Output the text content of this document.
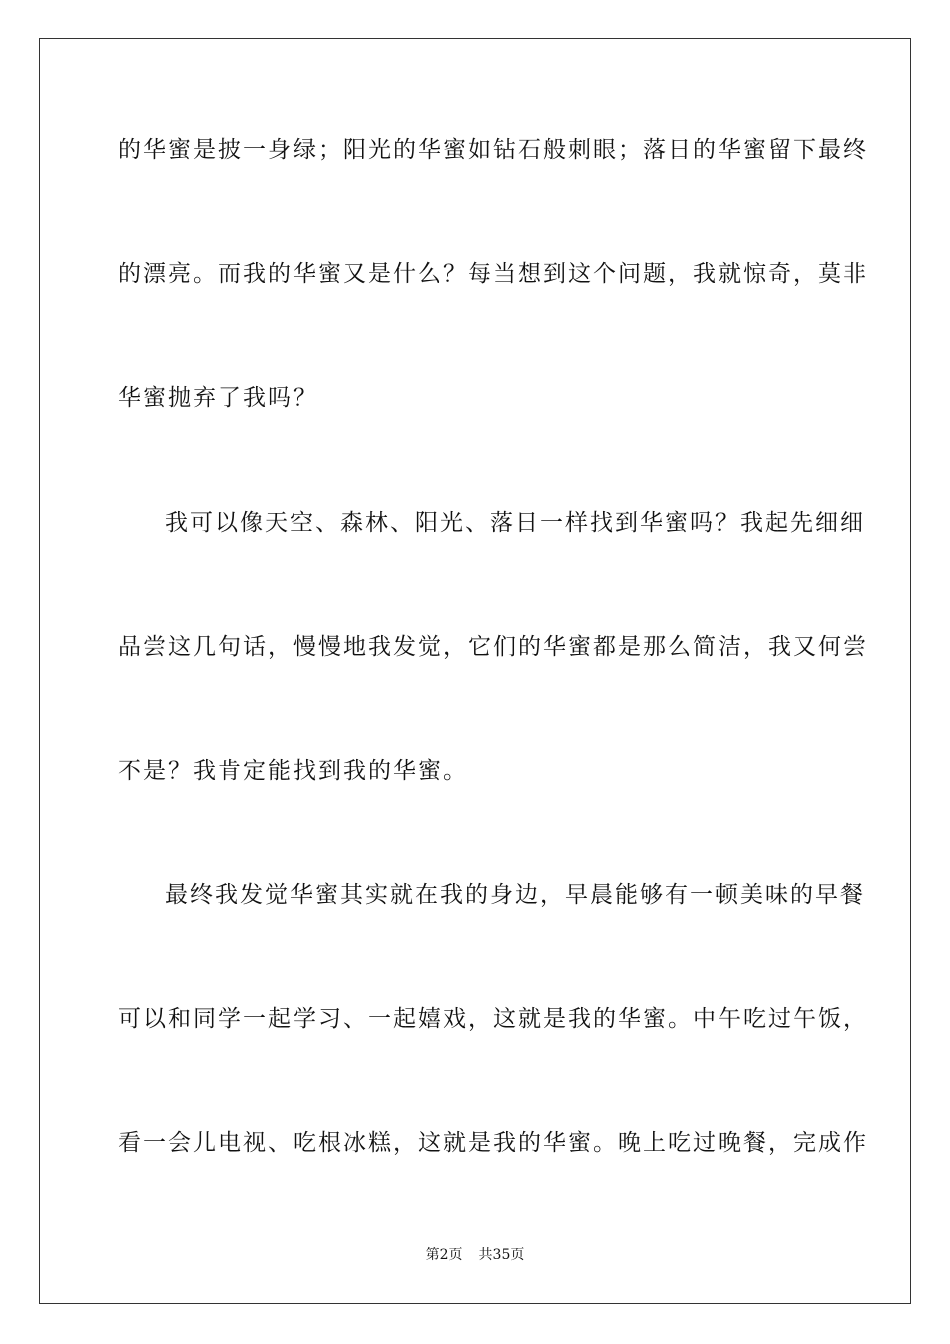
的华蜜是披一身绿；阳光的华蜜如钻石般刺眼；落日的华蜜留下最终
的漂亮。而我的华蜜又是什么？每当想到这个问题，我就惊奇，莫非
华蜜抛弃了我吗？
我可以像天空、森林、阳光、落日一样找到华蜜吗？我起先细细
品尝这几句话，慢慢地我发觉，它们的华蜜都是那么简洁，我又何尝
不是？我肯定能找到我的华蜜。
最终我发觉华蜜其实就在我的身边，早晨能够有一顿美味的早餐
可以和同学一起学习、一起嬉戏，这就是我的华蜜。中午吃过午饭，
看一会儿电视、吃根冰糕，这就是我的华蜜。晚上吃过晚餐，完成作
第2页 共35页
